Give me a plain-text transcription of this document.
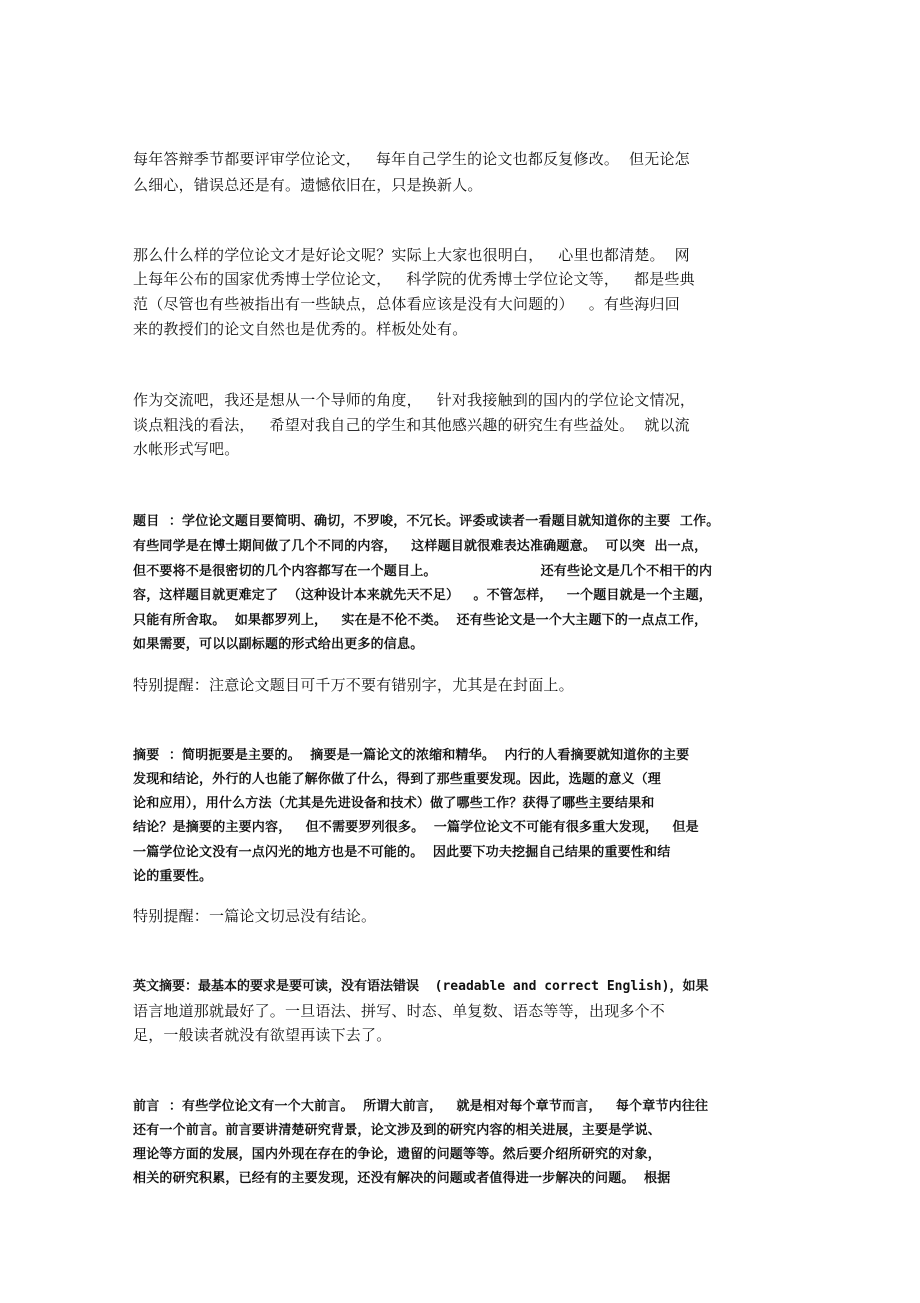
每年答辩季节都要评审学位论文，   每年自己学生的论文也都反复修改。  但无论怎

么细心，错误总还是有。遗憾依旧在，只是换新人。

那么什么样的学位论文才是好论文呢？实际上大家也很明白，   心里也都清楚。  网

上每年公布的国家优秀博士学位论文，   科学院的优秀博士学位论文等，   都是些典

范（尽管也有些被指出有一些缺点，总体看应该是没有大问题的）   。有些海归回

来的教授们的论文自然也是优秀的。样板处处有。

作为交流吧，我还是想从一个导师的角度，   针对我接触到的国内的学位论文情况，

谈点粗浅的看法，   希望对我自己的学生和其他感兴趣的研究生有些益处。  就以流

水帐形式写吧。

题目  ：学位论文题目要简明、确切，不罗唆，不冗长。评委或读者一看题目就知道你的主要  工作。

有些同学是在博士期间做了几个不同的内容，   这样题目就很难表达准确题意。  可以突  出一点，

但不要将不是很密切的几个内容都写在一个题目上。                      还有些论文是几个不相干的内

容，这样题目就更难定了  （这种设计本来就先天不足）   。不管怎样，   一个题目就是一个主题，

只能有所舍取。  如果都罗列上，   实在是不伦不类。  还有些论文是一个大主题下的一点点工作，

如果需要，可以以副标题的形式给出更多的信息。

特别提醒：注意论文题目可千万不要有错别字，尤其是在封面上。

摘要  ：简明扼要是主要的。  摘要是一篇论文的浓缩和精华。  内行的人看摘要就知道你的主要

发现和结论，外行的人也能了解你做了什么，得到了那些重要发现。因此，选题的意义（理

论和应用），用什么方法（尤其是先进设备和技术）做了哪些工作？获得了哪些主要结果和

结论？是摘要的主要内容，   但不需要罗列很多。  一篇学位论文不可能有很多重大发现，   但是

一篇学位论文没有一点闪光的地方也是不可能的。  因此要下功夫挖掘自己结果的重要性和结

论的重要性。

特别提醒：一篇论文切忌没有结论。

英文摘要：最基本的要求是要可读，没有语法错误  (readable and correct English)，如果

语言地道那就最好了。一旦语法、拼写、时态、单复数、语态等等，出现多个不

足，一般读者就没有欲望再读下去了。

前言  ：有些学位论文有一个大前言。  所谓大前言，   就是相对每个章节而言，   每个章节内往往

还有一个前言。前言要讲清楚研究背景，论文涉及到的研究内容的相关进展，主要是学说、

理论等方面的发展，国内外现在存在的争论，遗留的问题等等。然后要介绍所研究的对象，

相关的研究积累，已经有的主要发现，还没有解决的问题或者值得进一步解决的问题。  根据
